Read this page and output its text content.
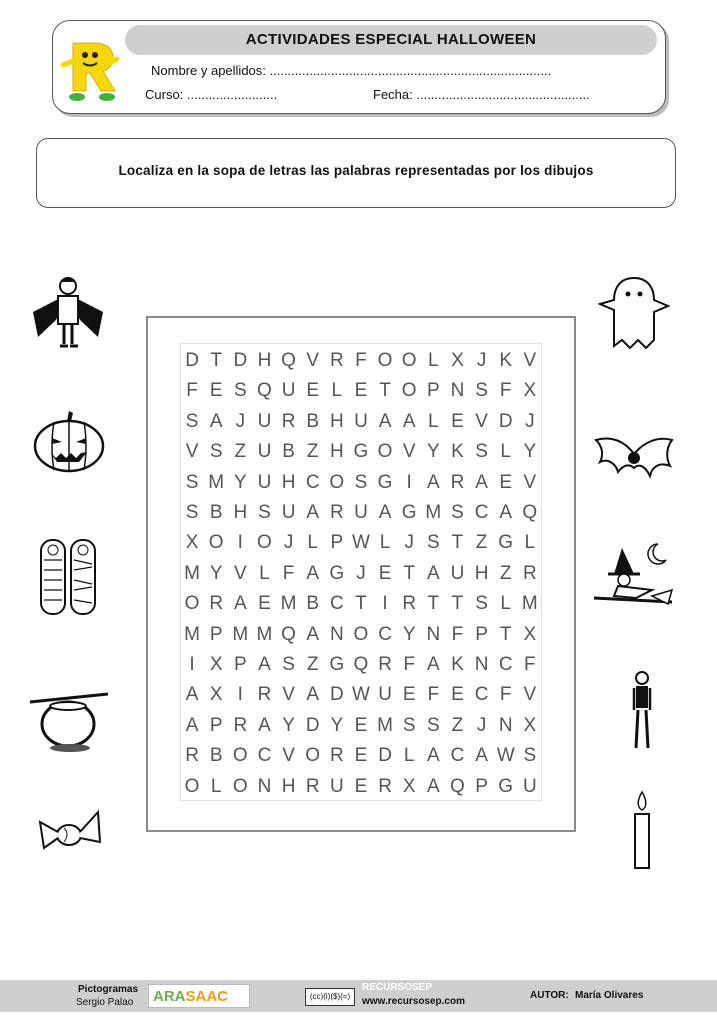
ACTIVIDADES ESPECIAL HALLOWEEN
Nombre y apellidos: ..............................................................................
Curso: .........................	Fecha: ................................................
Localiza en la sopa de letras las palabras representadas por los dibujos
D T D H Q V R F O O L X J K V
F E S Q U E L E T O P N S F X
S A J U R B H U A A L E V D J
V S Z U B Z H G O V Y K S L Y
S M Y U H C O S G I A R A E V
S B H S U A R U A G M S C A Q
X O I O J L P W L J S T Z G L
M Y V L F A G J E T A U H Z R
O R A E M B C T I R T T S L M
M P M M Q A N O C Y N F P T X
I X P A S Z G Q R F A K N C F
A X I R V A D W U E F E C F V
A P R A Y D Y E M S S Z J N X
R B O C V O R E D L A C A W S
O L O N H R U E R X A Q P G U
Pictogramas
Sergio Palao	ARASAAC	(cc)(i)($)(=)
RECURSOSEP
www.recursosep.com
AUTOR: María Olivares
